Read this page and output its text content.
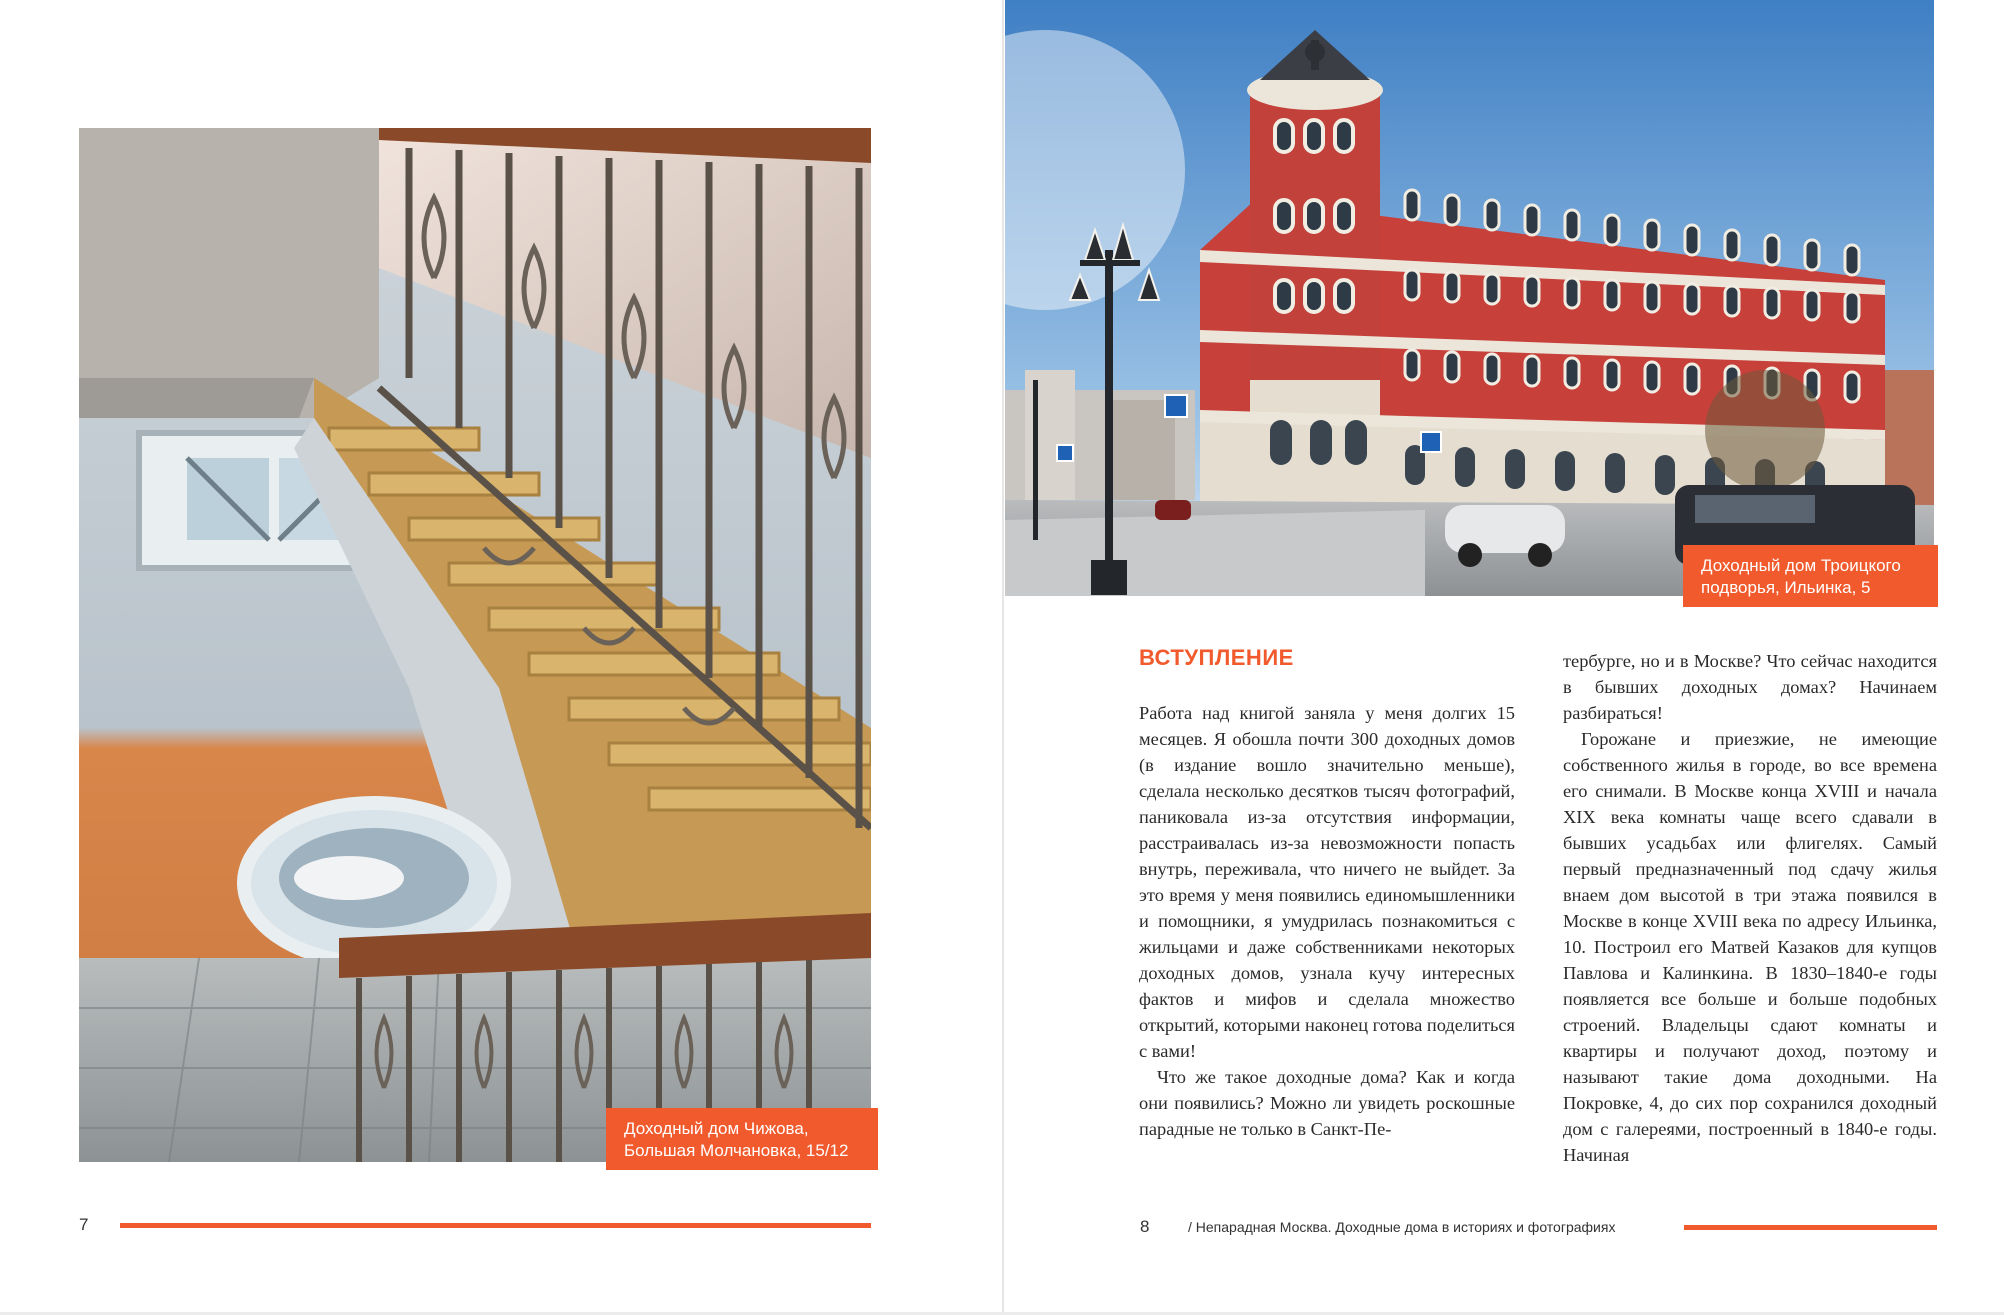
Доходный дом Чижова,
Большая Молчановка, 15/12
7
Доходный дом Троицкого
подворья, Ильинка, 5
ВСТУПЛЕНИЕ

Работа над книгой заняла у меня долгих 15 месяцев. Я обошла почти 300 доходных домов (в издание вошло значительно меньше), сделала несколько десятков тысяч фотографий, паниковала из-за отсутствия информации, расстраивалась из-за невозможности попасть внутрь, переживала, что ничего не выйдет. За это время у меня появились единомышленники и помощники, я умудрилась познакомиться с жильцами и даже собственниками некоторых доходных домов, узнала кучу интересных фактов и мифов и сделала множество открытий, которыми наконец готова поделиться с вами!

Что же такое доходные дома? Как и когда они появились? Можно ли увидеть роскошные парадные не только в Санкт-Пе-

тербурге, но и в Москве? Что сейчас находится в бывших доходных домах? Начинаем разбираться!

Горожане и приезжие, не имеющие собственного жилья в городе, во все времена его снимали. В Москве конца XVIII и начала XIX века комнаты чаще всего сдавали в бывших усадьбах или флигелях. Самый первый предназначенный под сдачу жилья внаем дом высотой в три этажа появился в Москве в конце XVIII века по адресу Ильинка, 10. Построил его Матвей Казаков для купцов Павлова и Калинкина. В 1830–1840-е годы появляется все больше и больше подобных строений. Владельцы сдают комнаты и квартиры и получают доход, поэтому и называют такие дома доходными. На Покровке, 4, до сих пор сохранился доходный дом с галереями, построенный в 1840-е годы. Начиная

8	/ Непарадная Москва. Доходные дома в историях и фотографиях
